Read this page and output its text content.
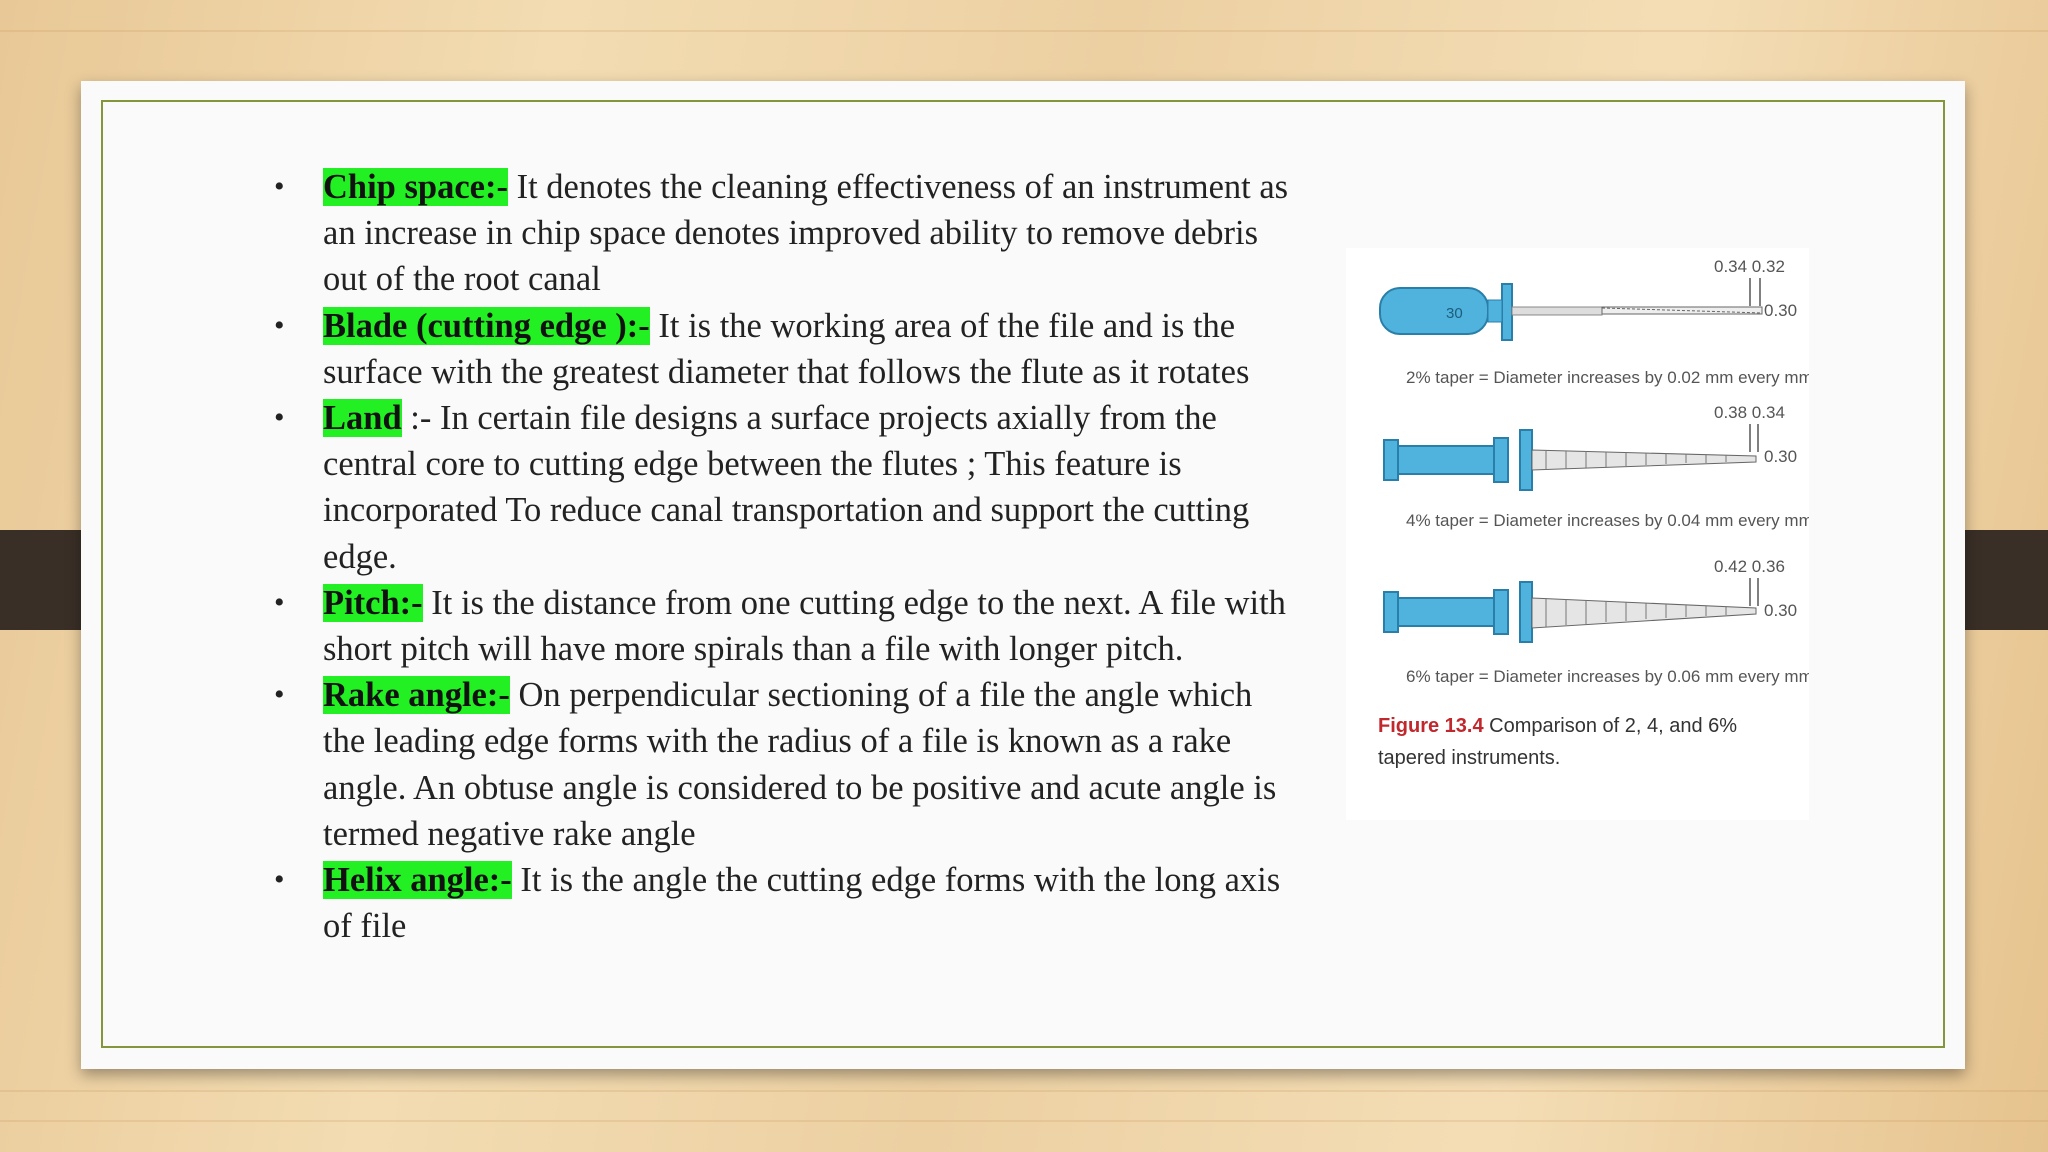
• Chip space:- It denotes the cleaning effectiveness of an instrument as an increase in chip space denotes improved ability to remove debris out of the root canal
• Blade (cutting edge ):- It is the working area of the file and is the surface with the greatest diameter that follows the flute as it rotates
• Land :- In certain file designs a surface projects axially from the central core to cutting edge between the flutes ; This feature is incorporated To reduce canal transportation and support the cutting edge.
• Pitch:- It is the distance from one cutting edge to the next. A file with short pitch will have more spirals than a file with longer pitch.
• Rake angle:- On perpendicular sectioning of a file the angle which the leading edge forms with the radius of a file is known as a rake angle. An obtuse angle is considered to be positive and acute angle is termed negative rake angle
• Helix angle:- It is the angle the cutting edge forms with the long axis of file
30
0.34 0.32
0.30
2% taper = Diameter increases by 0.02 mm every mm
0.38 0.34
0.30
4% taper = Diameter increases by 0.04 mm every mm
0.42 0.36
0.30
6% taper = Diameter increases by 0.06 mm every mm
Figure 13.4 Comparison of 2, 4, and 6% tapered instruments.
